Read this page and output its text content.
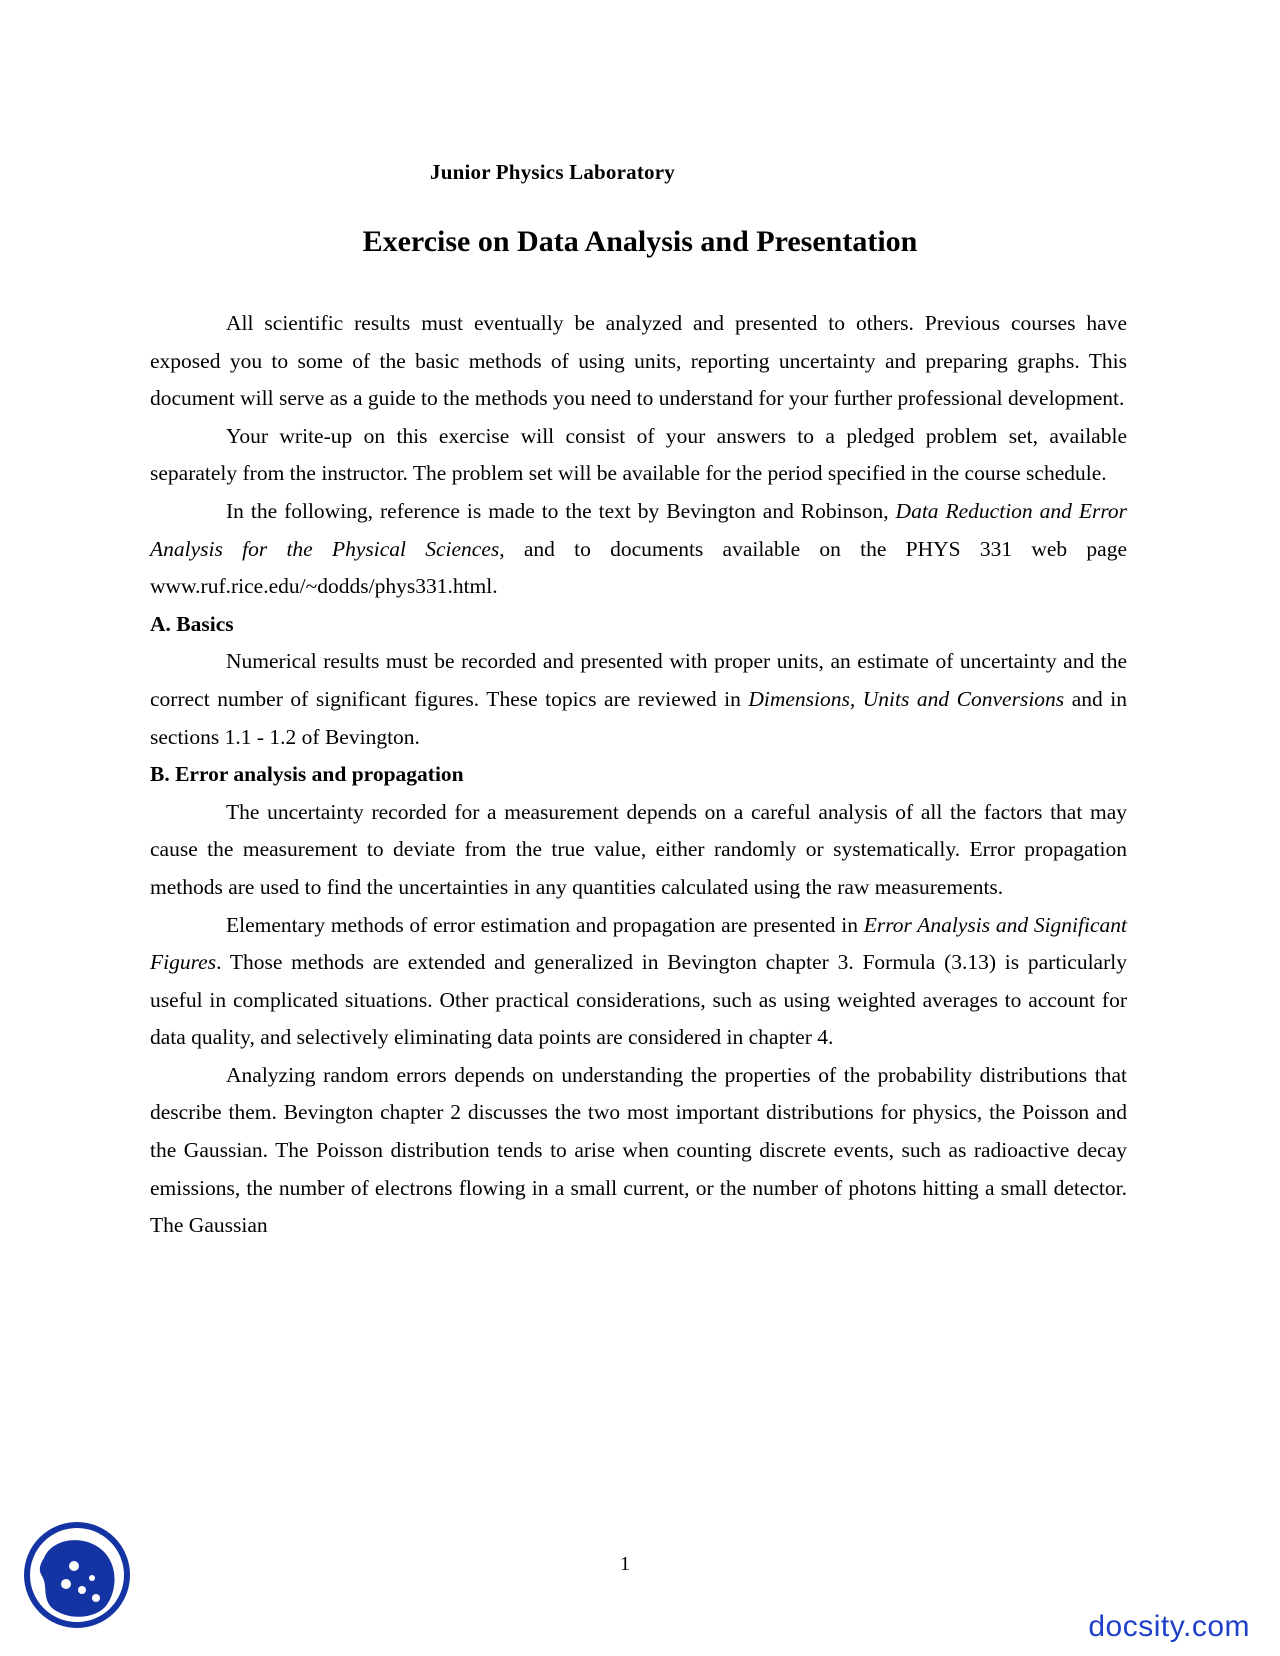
Junior Physics Laboratory
Exercise on Data Analysis and Presentation

All scientific results must eventually be analyzed and presented to others. Previous courses have exposed you to some of the basic methods of using units, reporting uncertainty and preparing graphs. This document will serve as a guide to the methods you need to understand for your further professional development.

Your write-up on this exercise will consist of your answers to a pledged problem set, available separately from the instructor. The problem set will be available for the period specified in the course schedule.

In the following, reference is made to the text by Bevington and Robinson, Data Reduction and Error Analysis for the Physical Sciences, and to documents available on the PHYS 331 web page www.ruf.rice.edu/~dodds/phys331.html.

A. Basics

Numerical results must be recorded and presented with proper units, an estimate of uncertainty and the correct number of significant figures. These topics are reviewed in Dimensions, Units and Conversions and in sections 1.1 - 1.2 of Bevington.

B. Error analysis and propagation

The uncertainty recorded for a measurement depends on a careful analysis of all the factors that may cause the measurement to deviate from the true value, either randomly or systematically. Error propagation methods are used to find the uncertainties in any quantities calculated using the raw measurements.

Elementary methods of error estimation and propagation are presented in Error Analysis and Significant Figures. Those methods are extended and generalized in Bevington chapter 3. Formula (3.13) is particularly useful in complicated situations. Other practical considerations, such as using weighted averages to account for data quality, and selectively eliminating data points are considered in chapter 4.

Analyzing random errors depends on understanding the properties of the probability distributions that describe them. Bevington chapter 2 discusses the two most important distributions for physics, the Poisson and the Gaussian. The Poisson distribution tends to arise when counting discrete events, such as radioactive decay emissions, the number of electrons flowing in a small current, or the number of photons hitting a small detector. The Gaussian

1
docsity.com
